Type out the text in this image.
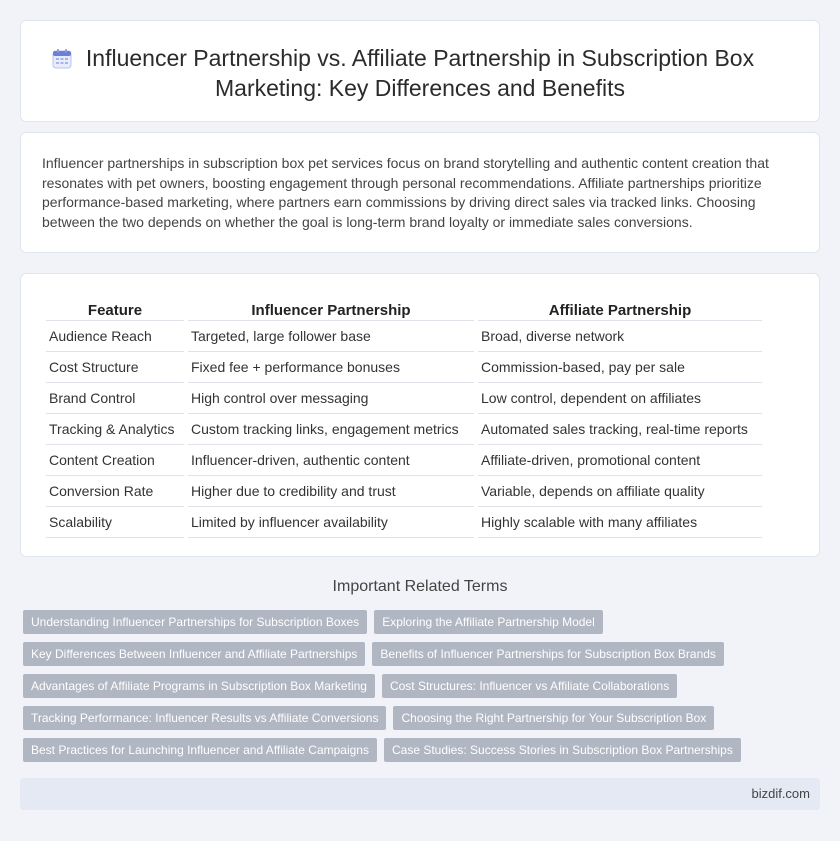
Influencer Partnership vs. Affiliate Partnership in Subscription Box
Marketing: Key Differences and Benefits

Influencer partnerships in subscription box pet services focus on brand storytelling and authentic content creation that resonates with pet owners, boosting engagement through personal recommendations. Affiliate partnerships prioritize performance-based marketing, where partners earn commissions by driving direct sales via tracked links. Choosing between the two depends on whether the goal is long-term brand loyalty or immediate sales conversions.

Feature	Influencer Partnership	Affiliate Partnership
Audience Reach	Targeted, large follower base	Broad, diverse network
Cost Structure	Fixed fee + performance bonuses	Commission-based, pay per sale
Brand Control	High control over messaging	Low control, dependent on affiliates
Tracking & Analytics	Custom tracking links, engagement metrics	Automated sales tracking, real-time reports
Content Creation	Influencer-driven, authentic content	Affiliate-driven, promotional content
Conversion Rate	Higher due to credibility and trust	Variable, depends on affiliate quality
Scalability	Limited by influencer availability	Highly scalable with many affiliates
Important Related Terms
Understanding Influencer Partnerships for Subscription Boxes	Exploring the Affiliate Partnership Model
Key Differences Between Influencer and Affiliate Partnerships	Benefits of Influencer Partnerships for Subscription Box Brands
Advantages of Affiliate Programs in Subscription Box Marketing	Cost Structures: Influencer vs Affiliate Collaborations
Tracking Performance: Influencer Results vs Affiliate Conversions	Choosing the Right Partnership for Your Subscription Box
Best Practices for Launching Influencer and Affiliate Campaigns	Case Studies: Success Stories in Subscription Box Partnerships
bizdif.com
